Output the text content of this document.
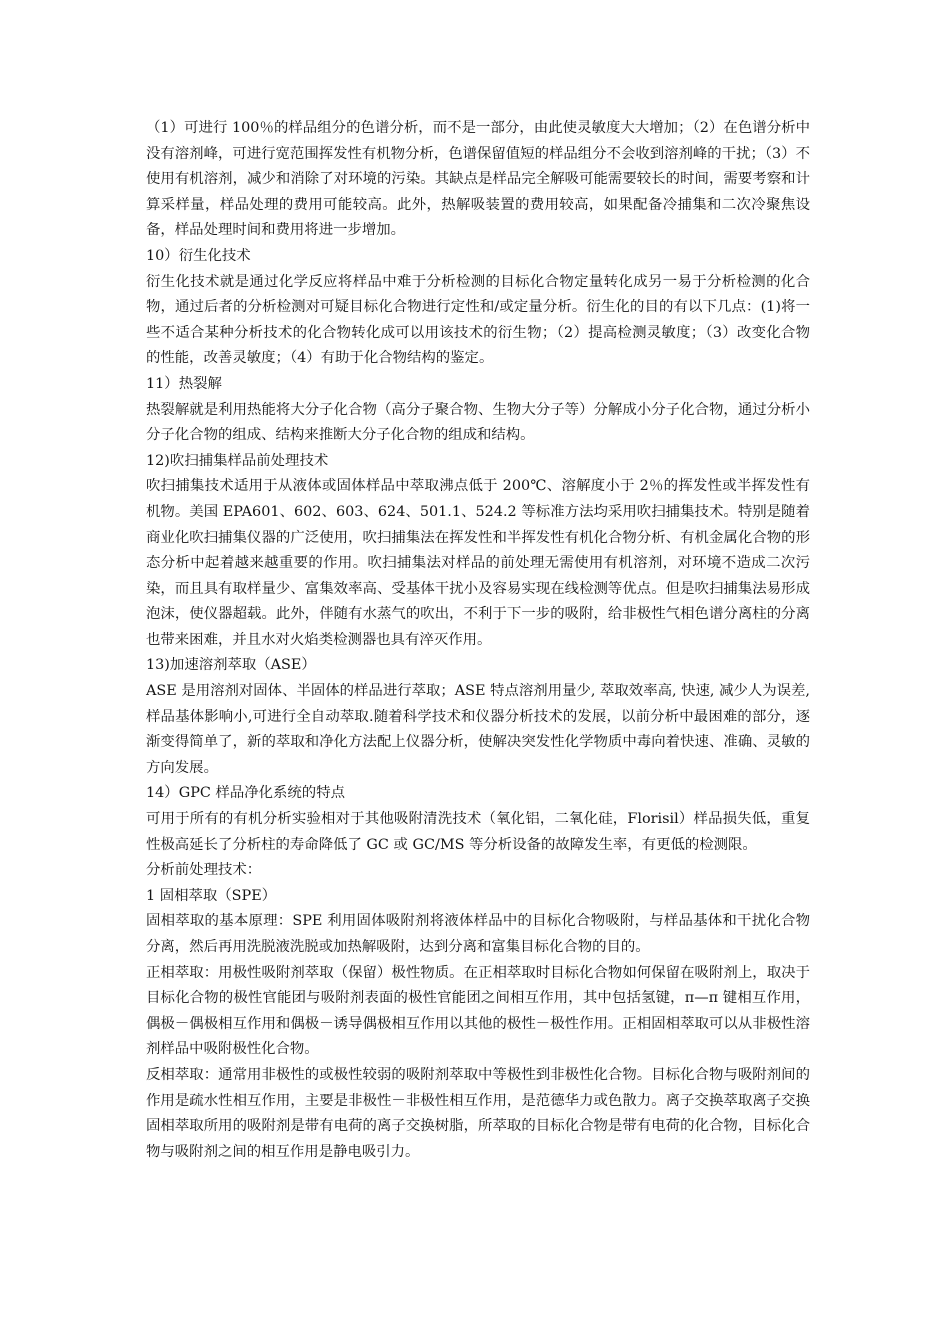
（1）可进行 100％的样品组分的色谱分析，而不是一部分，由此使灵敏度大大增加；（2）在色谱分析中没有溶剂峰，可进行宽范围挥发性有机物分析，色谱保留值短的样品组分不会收到溶剂峰的干扰；（3）不使用有机溶剂，减少和消除了对环境的污染。其缺点是样品完全解吸可能需要较长的时间，需要考察和计算采样量，样品处理的费用可能较高。此外，热解吸装置的费用较高，如果配备冷捕集和二次冷聚焦设备，样品处理时间和费用将进一步增加。

10）衍生化技术

衍生化技术就是通过化学反应将样品中难于分析检测的目标化合物定量转化成另一易于分析检测的化合物，通过后者的分析检测对可疑目标化合物进行定性和/或定量分析。衍生化的目的有以下几点：(1)将一些不适合某种分析技术的化合物转化成可以用该技术的衍生物；（2）提高检测灵敏度；（3）改变化合物的性能，改善灵敏度；（4）有助于化合物结构的鉴定。

11）热裂解

热裂解就是利用热能将大分子化合物（高分子聚合物、生物大分子等）分解成小分子化合物，通过分析小分子化合物的组成、结构来推断大分子化合物的组成和结构。

12)吹扫捕集样品前处理技术

吹扫捕集技术适用于从液体或固体样品中萃取沸点低于 200℃、溶解度小于 2％的挥发性或半挥发性有机物。美国 EPA601、602、603、624、501.1、524.2 等标准方法均采用吹扫捕集技术。特别是随着商业化吹扫捕集仪器的广泛使用，吹扫捕集法在挥发性和半挥发性有机化合物分析、有机金属化合物的形态分析中起着越来越重要的作用。吹扫捕集法对样品的前处理无需使用有机溶剂，对环境不造成二次污染，而且具有取样量少、富集效率高、受基体干扰小及容易实现在线检测等优点。但是吹扫捕集法易形成泡沫，使仪器超载。此外，伴随有水蒸气的吹出，不利于下一步的吸附，给非极性气相色谱分离柱的分离也带来困难，并且水对火焰类检测器也具有淬灭作用。

13)加速溶剂萃取（ASE）

ASE 是用溶剂对固体、半固体的样品进行萃取；ASE 特点溶剂用量少, 萃取效率高, 快速, 减少人为误差,样品基体影响小,可进行全自动萃取.随着科学技术和仪器分析技术的发展，以前分析中最困难的部分，逐渐变得简单了，新的萃取和净化方法配上仪器分析，使解决突发性化学物质中毒向着快速、准确、灵敏的方向发展。

14）GPC 样品净化系统的特点

可用于所有的有机分析实验相对于其他吸附清洗技术（氧化铝，二氧化硅，Florisil）样品损失低，重复性极高延长了分析柱的寿命降低了 GC 或 GC/MS 等分析设备的故障发生率，有更低的检测限。

分析前处理技术：

1 固相萃取（SPE）

固相萃取的基本原理：SPE 利用固体吸附剂将液体样品中的目标化合物吸附，与样品基体和干扰化合物分离，然后再用洗脱液洗脱或加热解吸附，达到分离和富集目标化合物的目的。

正相萃取：用极性吸附剂萃取（保留）极性物质。在正相萃取时目标化合物如何保留在吸附剂上，取决于目标化合物的极性官能团与吸附剂表面的极性官能团之间相互作用，其中包括氢键，π—π 键相互作用，偶极－偶极相互作用和偶极－诱导偶极相互作用以其他的极性－极性作用。正相固相萃取可以从非极性溶剂样品中吸附极性化合物。

反相萃取：通常用非极性的或极性较弱的吸附剂萃取中等极性到非极性化合物。目标化合物与吸附剂间的作用是疏水性相互作用，主要是非极性－非极性相互作用，是范德华力或色散力。离子交换萃取离子交换固相萃取所用的吸附剂是带有电荷的离子交换树脂，所萃取的目标化合物是带有电荷的化合物，目标化合物与吸附剂之间的相互作用是静电吸引力。
